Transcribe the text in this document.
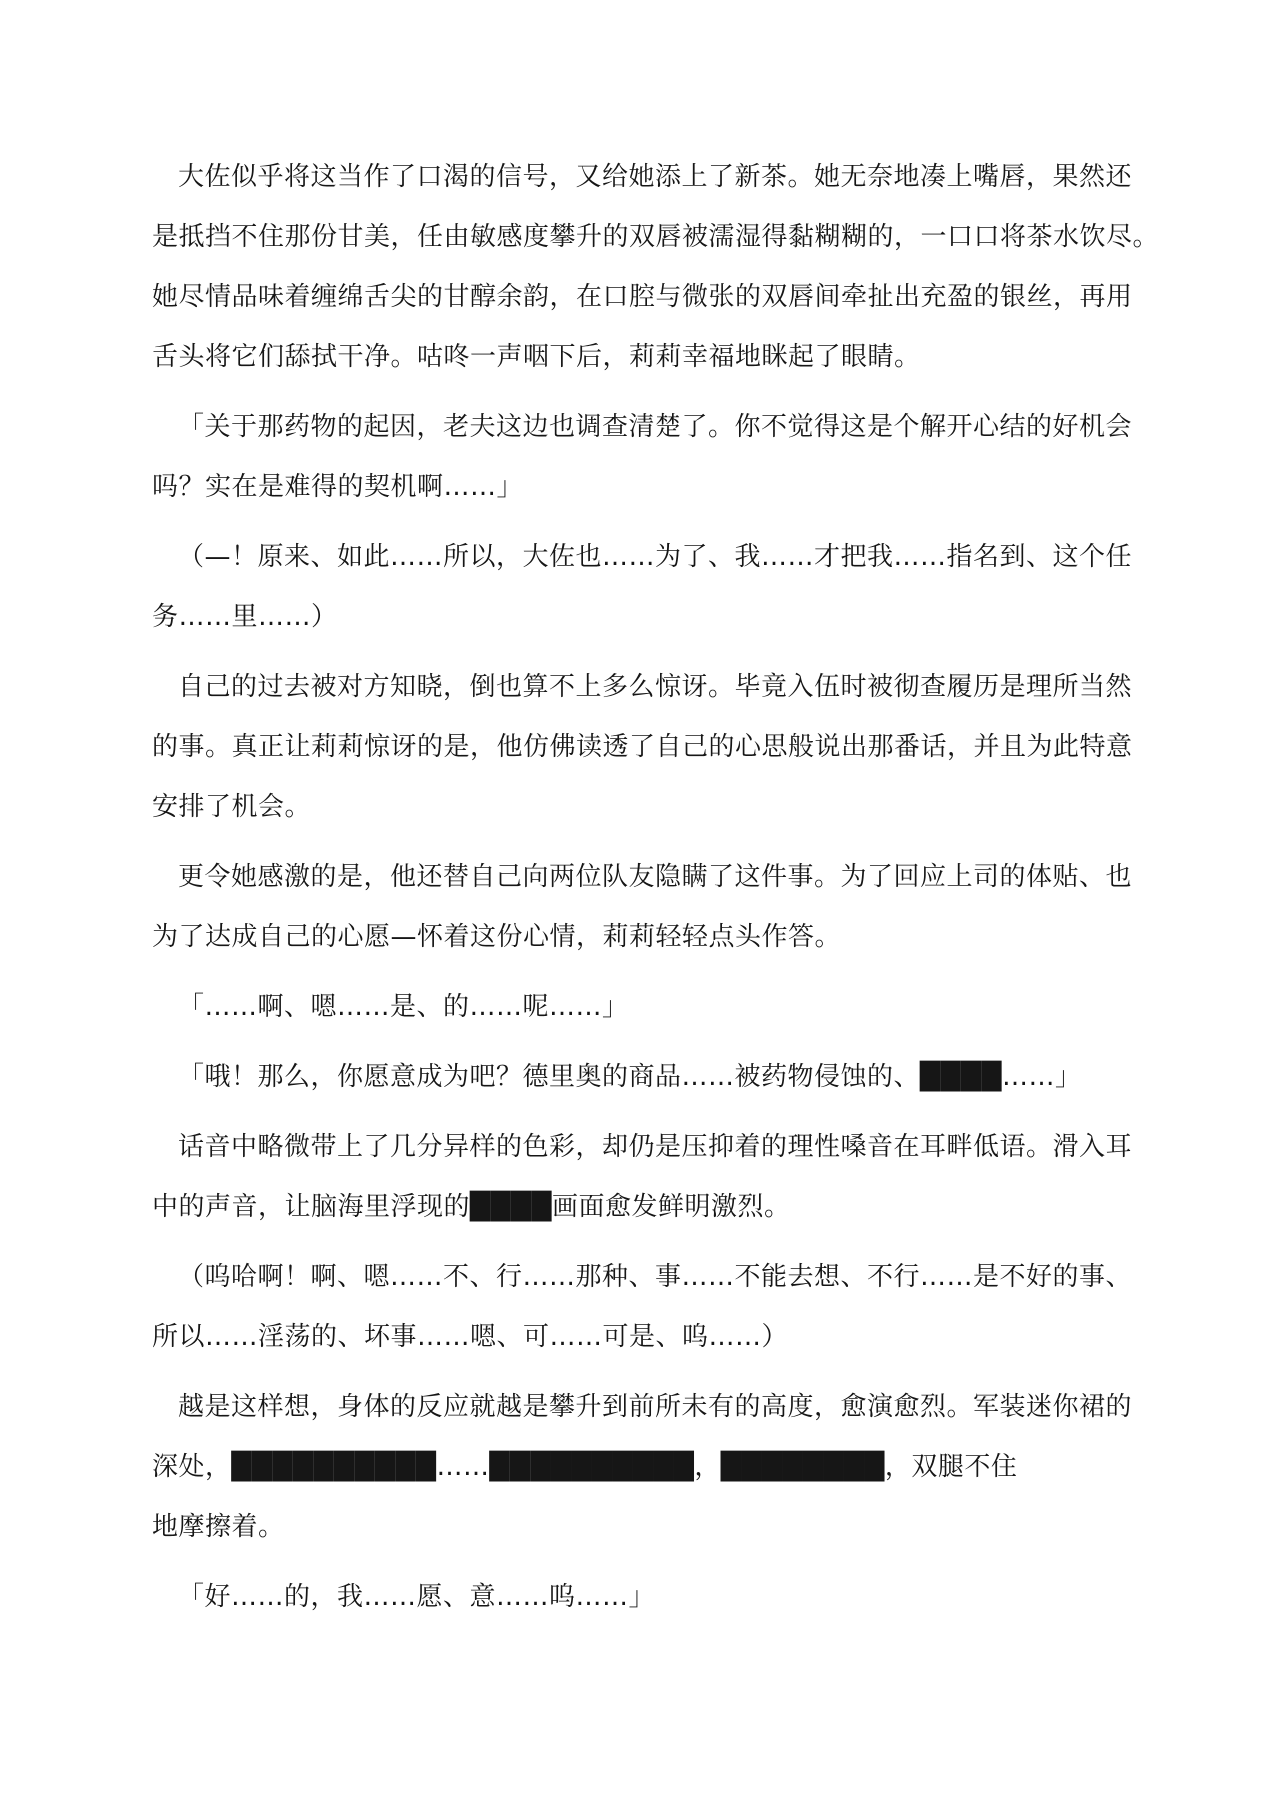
大佐似乎将这当作了口渴的信号，又给她添上了新茶。她无奈地凑上嘴唇，果然还
是抵挡不住那份甘美，任由敏感度攀升的双唇被濡湿得黏糊糊的，一口口将茶水饮尽。
她尽情品味着缠绵舌尖的甘醇余韵，在口腔与微张的双唇间牵扯出充盈的银丝，再用
舌头将它们舔拭干净。咕咚一声咽下后，莉莉幸福地眯起了眼睛。
「关于那药物的起因，老夫这边也调查清楚了。你不觉得这是个解开心结的好机会
吗？实在是难得的契机啊……」
（—！原来、如此……所以，大佐也……为了、我……才把我……指名到、这个任
务……里……）
自己的过去被对方知晓，倒也算不上多么惊讶。毕竟入伍时被彻查履历是理所当然
的事。真正让莉莉惊讶的是，他仿佛读透了自己的心思般说出那番话，并且为此特意
安排了机会。
更令她感激的是，他还替自己向两位队友隐瞒了这件事。为了回应上司的体贴、也
为了达成自己的心愿—怀着这份心情，莉莉轻轻点头作答。
「……啊、嗯……是、的……呢……」
「哦！那么，你愿意成为吧？德里奥的商品……被药物侵蚀的、████……」
话音中略微带上了几分异样的色彩，却仍是压抑着的理性嗓音在耳畔低语。滑入耳
中的声音，让脑海里浮现的████画面愈发鲜明激烈。
（呜哈啊！啊、嗯……不、行……那种、事……不能去想、不行……是不好的事、
所以……淫荡的、坏事……嗯、可……可是、呜……）
越是这样想，身体的反应就越是攀升到前所未有的高度，愈演愈烈。军装迷你裙的
深处，██████████……██████████，████████，双腿不住
地摩擦着。
「好……的，我……愿、意……呜……」
